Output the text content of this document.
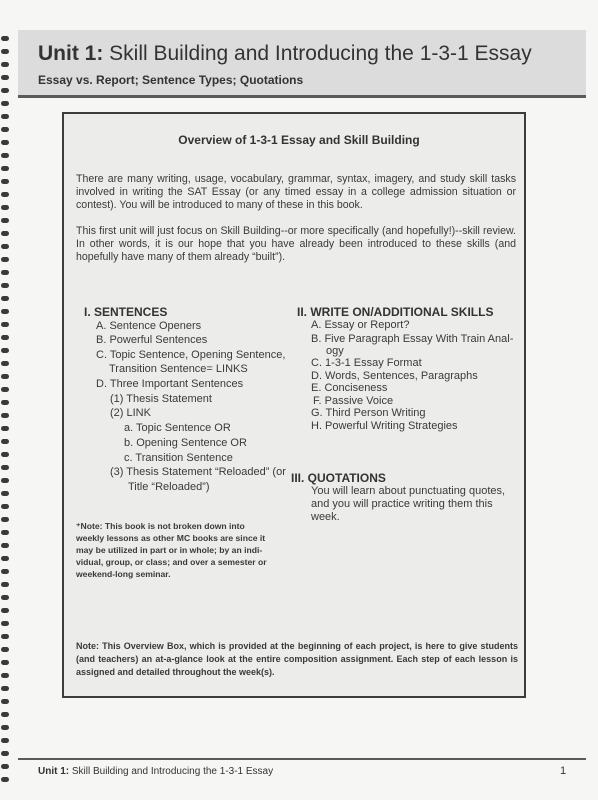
Unit 1: Skill Building and Introducing the 1-3-1 Essay
Essay vs. Report; Sentence Types; Quotations
Overview of 1-3-1 Essay and Skill Building
There are many writing, usage, vocabulary, grammar, syntax, imagery, and study skill tasks involved in writing the SAT Essay (or any timed essay in a college admission situation or contest). You will be introduced to many of these in this book.
This first unit will just focus on Skill Building--or more specifically (and hopefully!)--skill review. In other words, it is our hope that you have already been introduced to these skills (and hopefully have many of them already “built”).
I. SENTENCES
A. Sentence Openers
B. Powerful Sentences
C. Topic Sentence, Opening Sentence,
Transition Sentence= LINKS
D. Three Important Sentences
(1) Thesis Statement
(2) LINK
a. Topic Sentence OR
b. Opening Sentence OR
c. Transition Sentence
(3) Thesis Statement “Reloaded” (or
Title “Reloaded”)
II. WRITE ON/ADDITIONAL SKILLS
A. Essay or Report?
B. Five Paragraph Essay With Train Anal-
ogy
C. 1-3-1 Essay Format
D. Words, Sentences, Paragraphs
E. Conciseness
F. Passive Voice
G. Third Person Writing
H. Powerful Writing Strategies
III. QUOTATIONS
You will learn about punctuating quotes,
and you will practice writing them this
week.
⁺Note: This book is not broken down into
weekly lessons as other MC books are since it
may be utilized in part or in whole; by an indi-
vidual, group, or class; and over a semester or
weekend-long seminar.
Note: This Overview Box, which is provided at the beginning of each project, is here to give students (and teachers) an at-a-glance look at the entire composition assignment. Each step of each lesson is assigned and detailed throughout the week(s).
Unit 1: Skill Building and Introducing the 1-3-1 Essay	1
